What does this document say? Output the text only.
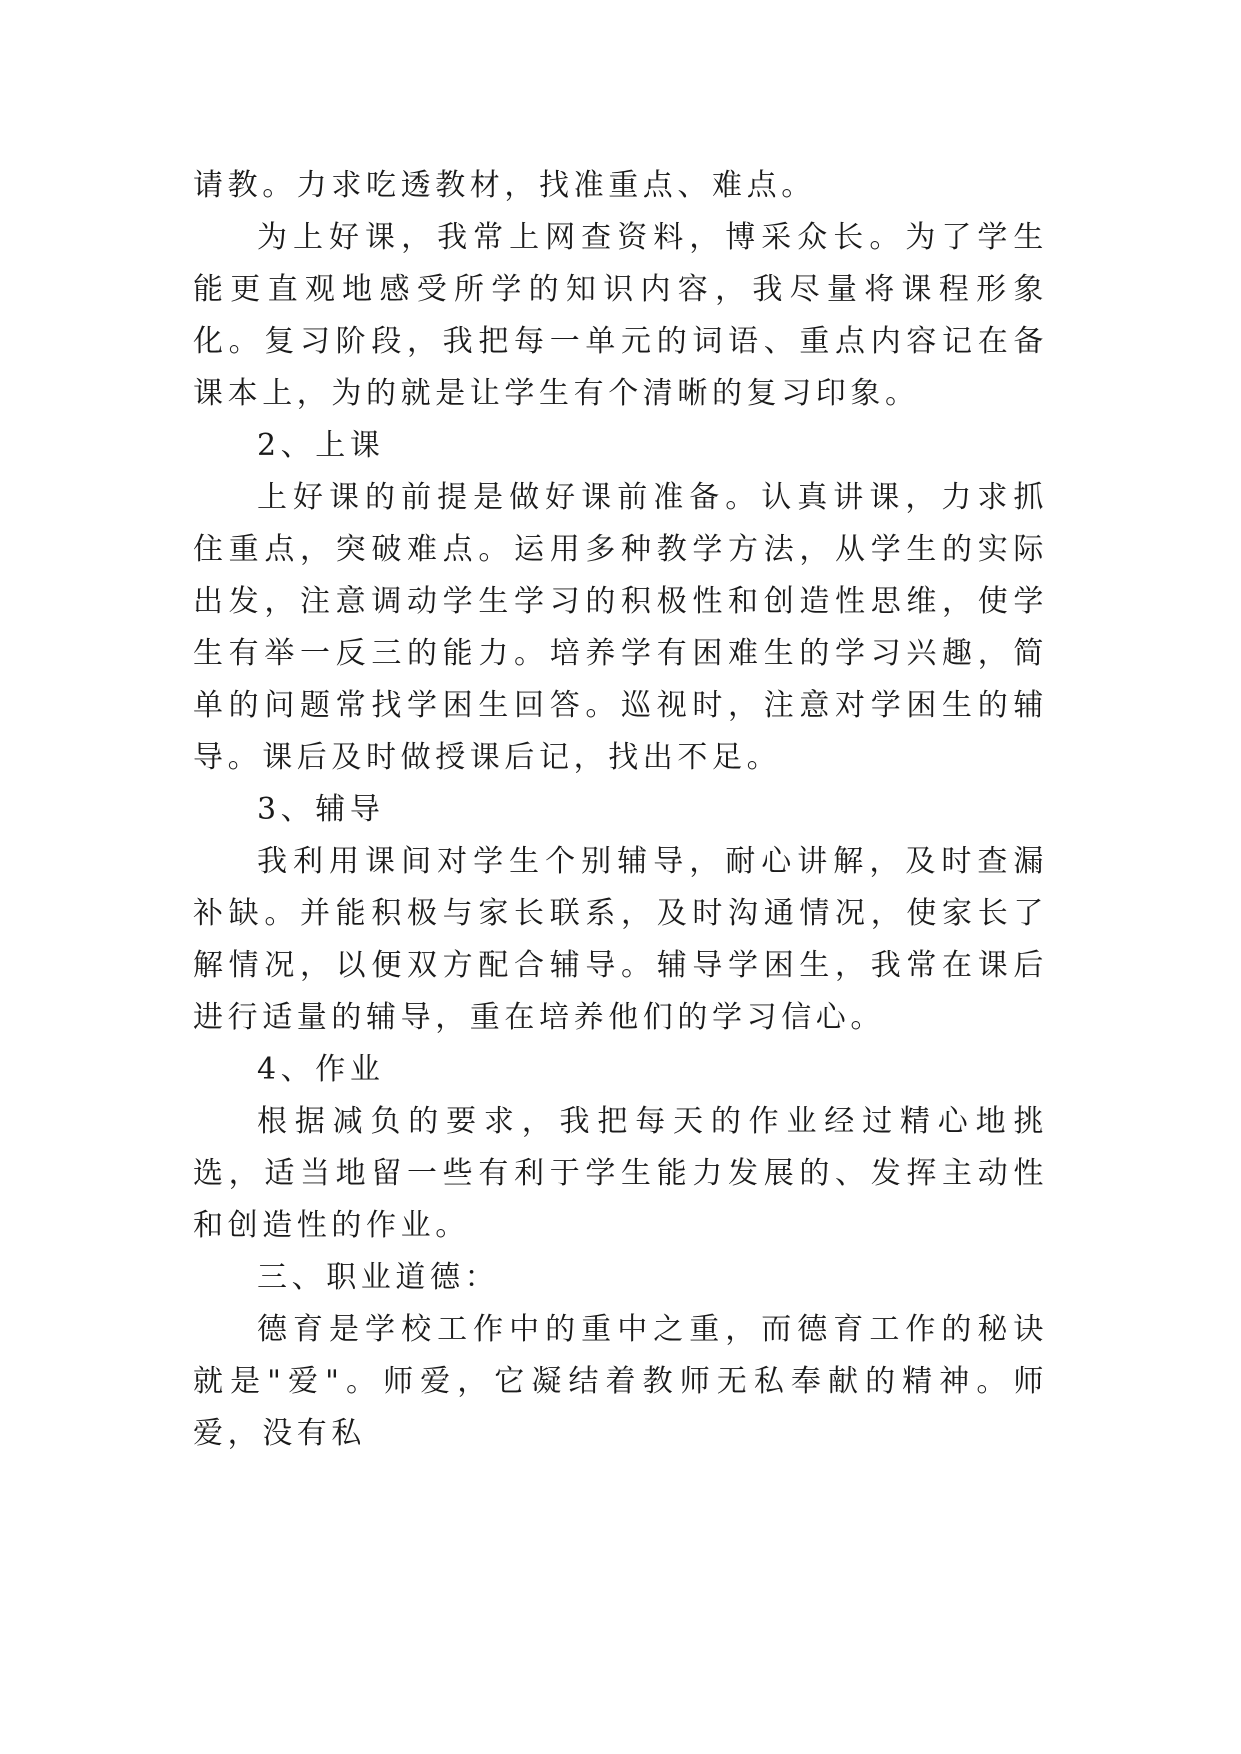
请教。力求吃透教材，找准重点、难点。

为上好课，我常上网查资料，博采众长。为了学生能更直观地感受所学的知识内容，我尽量将课程形象化。复习阶段，我把每一单元的词语、重点内容记在备课本上，为的就是让学生有个清晰的复习印象。

2、上课

上好课的前提是做好课前准备。认真讲课，力求抓住重点，突破难点。运用多种教学方法，从学生的实际出发，注意调动学生学习的积极性和创造性思维，使学生有举一反三的能力。培养学有困难生的学习兴趣，简单的问题常找学困生回答。巡视时，注意对学困生的辅导。课后及时做授课后记，找出不足。

3、辅导

我利用课间对学生个别辅导，耐心讲解，及时查漏补缺。并能积极与家长联系，及时沟通情况，使家长了解情况，以便双方配合辅导。辅导学困生，我常在课后进行适量的辅导，重在培养他们的学习信心。

4、作业

根据减负的要求，我把每天的作业经过精心地挑选，适当地留一些有利于学生能力发展的、发挥主动性和创造性的作业。

三、职业道德：

德育是学校工作中的重中之重，而德育工作的秘诀就是"爱"。师爱，它凝结着教师无私奉献的精神。师爱，没有私
